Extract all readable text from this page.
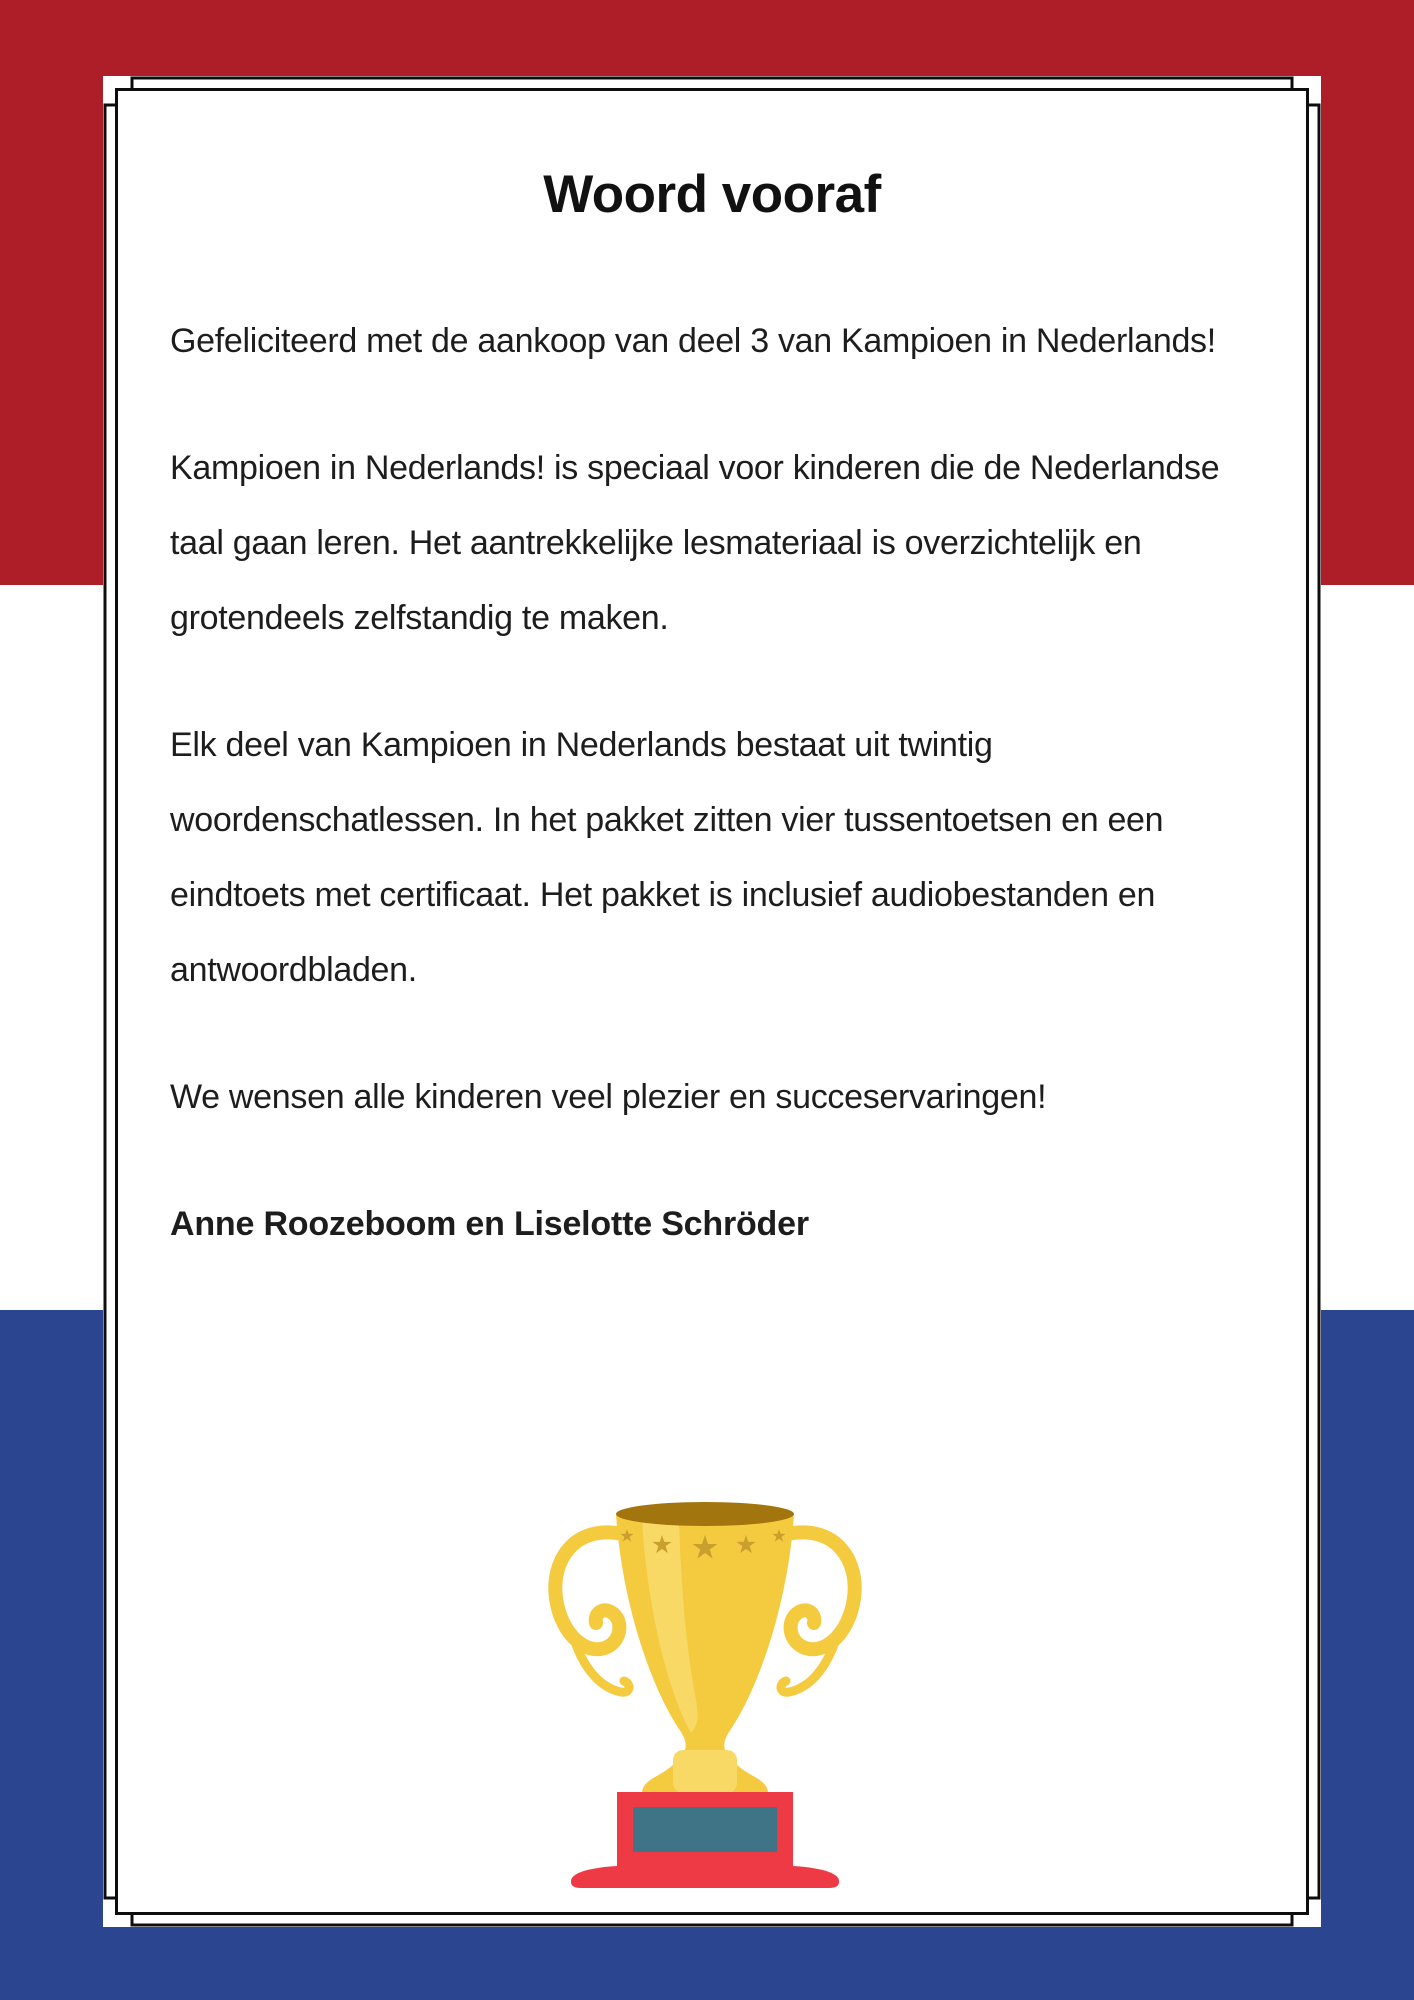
Woord vooraf
Gefeliciteerd met de aankoop van deel 3 van Kampioen in Nederlands!
Kampioen in Nederlands! is speciaal voor kinderen die de Nederlandse
taal gaan leren. Het aantrekkelijke lesmateriaal is overzichtelijk en
grotendeels zelfstandig te maken.
Elk deel van Kampioen in Nederlands bestaat uit twintig
woordenschatlessen. In het pakket zitten vier tussentoetsen en een
eindtoets met certificaat. Het pakket is inclusief audiobestanden en
antwoordbladen.
We wensen alle kinderen veel plezier en succeservaringen!
Anne Roozeboom en Liselotte Schröder
